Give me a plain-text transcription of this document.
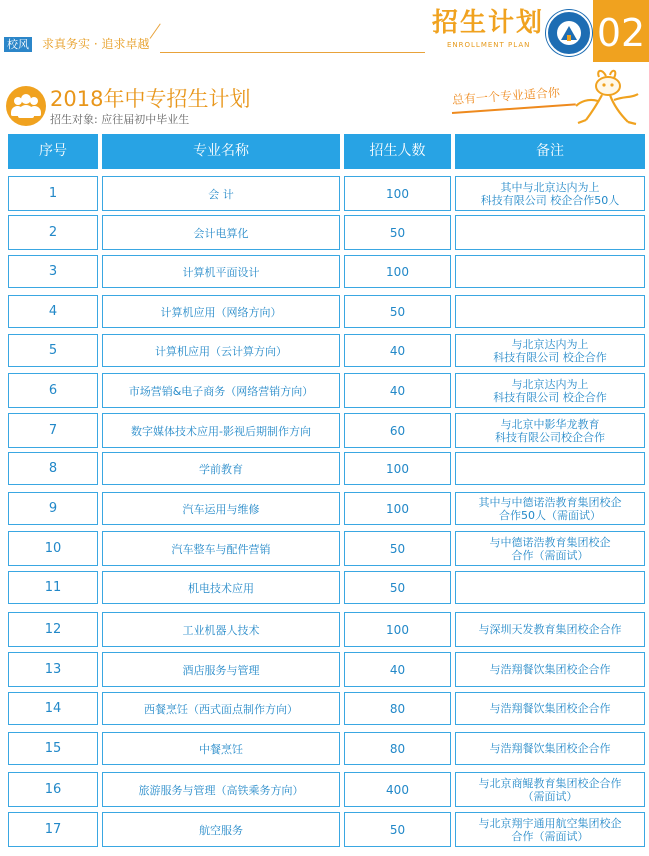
校风 求真务实 · 追求卓越
招生计划
ENROLLMENT PLAN 02
2018年中专招生计划
招生对象: 应往届初中毕业生
总有一个专业适合你
序号	专业名称	招生人数	备注
1	会 计	100	其中与北京达内为上
科技有限公司 校企合作50人
2	会计电算化	50
3	计算机平面设计	100
4	计算机应用（网络方向）	50
5	计算机应用（云计算方向）	40	与北京达内为上
科技有限公司 校企合作
6	市场营销&电子商务（网络营销方向）	40	与北京达内为上
科技有限公司 校企合作
7	数字媒体技术应用-影视后期制作方向	60	与北京中影华龙教育
科技有限公司校企合作
8	学前教育	100
9	汽车运用与维修	100	其中与中德诺浩教育集团校企
合作50人（需面试）
10	汽车整车与配件营销	50	与中德诺浩教育集团校企
合作（需面试）
11	机电技术应用	50
12	工业机器人技术	100	与深圳天发教育集团校企合作
13	酒店服务与管理	40	与浩翔餐饮集团校企合作
14	西餐烹饪（西式面点制作方向）	80	与浩翔餐饮集团校企合作
15	中餐烹饪	80	与浩翔餐饮集团校企合作
16	旅游服务与管理（高铁乘务方向）	400	与北京商鲲教育集团校企合作
（需面试）
17	航空服务	50	与北京翔宇通用航空集团校企
合作（需面试）
